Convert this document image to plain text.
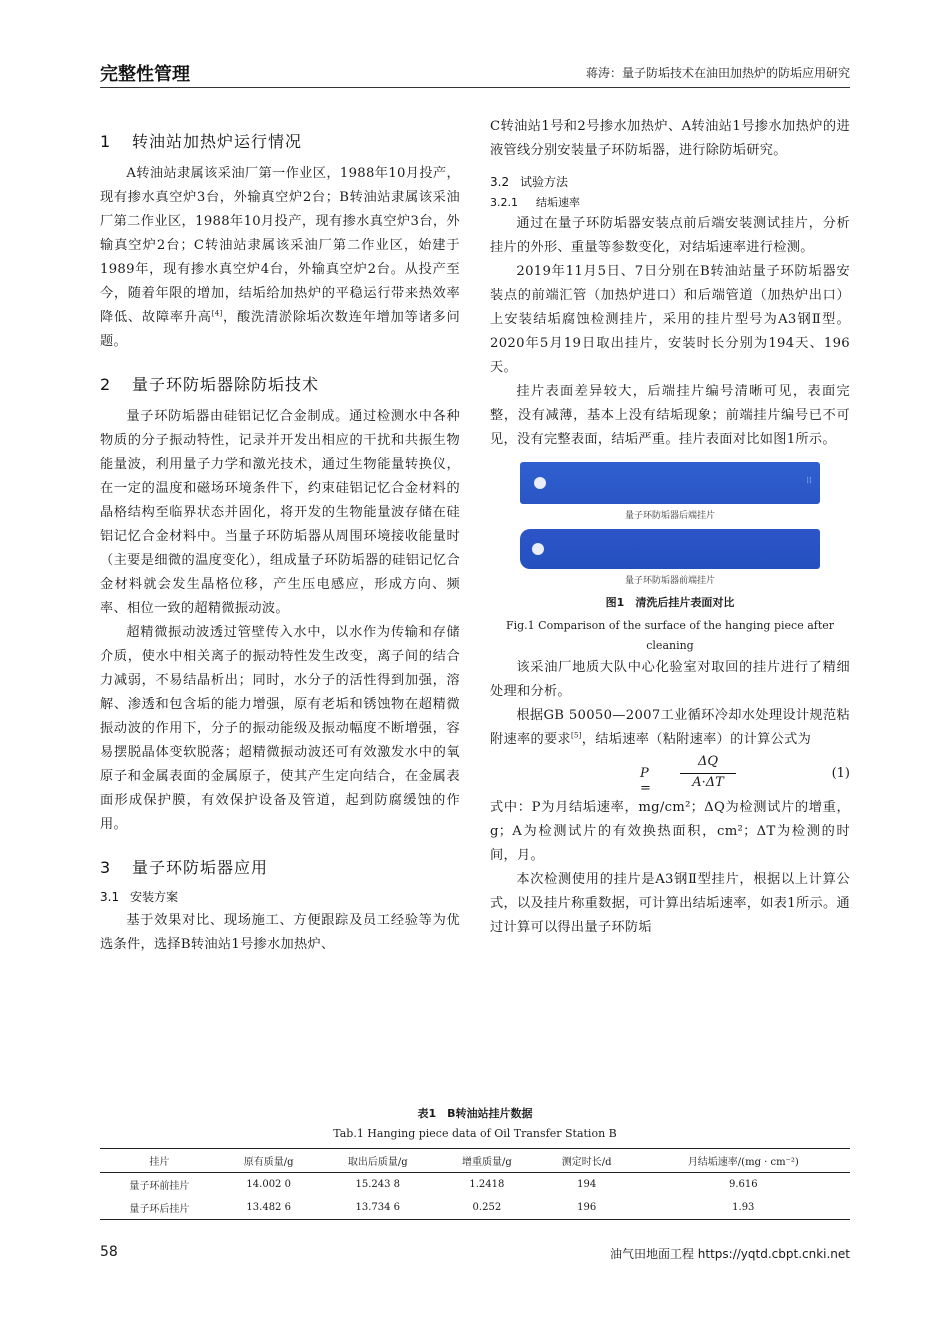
完整性管理	蒋涛：量子防垢技术在油田加热炉的防垢应用研究
1 转油站加热炉运行情况

A转油站隶属该采油厂第一作业区，1988年10月投产，现有掺水真空炉3台，外输真空炉2台；B转油站隶属该采油厂第二作业区，1988年10月投产，现有掺水真空炉3台，外输真空炉2台；C转油站隶属该采油厂第二作业区，始建于1989年，现有掺水真空炉4台，外输真空炉2台。从投产至今，随着年限的增加，结垢给加热炉的平稳运行带来热效率降低、故障率升高[4]，酸洗清淤除垢次数连年增加等诸多问题。

2 量子环防垢器除防垢技术

量子环防垢器由硅铝记忆合金制成。通过检测水中各种物质的分子振动特性，记录并开发出相应的干扰和共振生物能量波，利用量子力学和激光技术，通过生物能量转换仪，在一定的温度和磁场环境条件下，约束硅铝记忆合金材料的晶格结构至临界状态并固化，将开发的生物能量波存储在硅铝记忆合金材料中。当量子环防垢器从周围环境接收能量时（主要是细微的温度变化），组成量子环防垢器的硅铝记忆合金材料就会发生晶格位移，产生压电感应，形成方向、频率、相位一致的超精微振动波。

超精微振动波透过管壁传入水中，以水作为传输和存储介质，使水中相关离子的振动特性发生改变，离子间的结合力减弱，不易结晶析出；同时，水分子的活性得到加强，溶解、渗透和包含垢的能力增强，原有老垢和锈蚀物在超精微振动波的作用下，分子的振动能级及振动幅度不断增强，容易摆脱晶体变软脱落；超精微振动波还可有效激发水中的氧原子和金属表面的金属原子，使其产生定向结合，在金属表面形成保护膜，有效保护设备及管道，起到防腐缓蚀的作用。

3 量子环防垢器应用
3.1 安装方案

基于效果对比、现场施工、方便跟踪及员工经验等为优选条件，选择B转油站1号掺水加热炉、

C转油站1号和2号掺水加热炉、A转油站1号掺水加热炉的进液管线分别安装量子环防垢器，进行除防垢研究。

3.2 试验方法
3.2.1 结垢速率

通过在量子环防垢器安装点前后端安装测试挂片，分析挂片的外形、重量等参数变化，对结垢速率进行检测。

2019年11月5日、7日分别在B转油站量子环防垢器安装点的前端汇管（加热炉进口）和后端管道（加热炉出口）上安装结垢腐蚀检测挂片，采用的挂片型号为A3钢Ⅱ型。2020年5月19日取出挂片，安装时长分别为194天、196天。

挂片表面差异较大，后端挂片编号清晰可见，表面完整，没有减薄，基本上没有结垢现象；前端挂片编号已不可见，没有完整表面，结垢严重。挂片表面对比如图1所示。

⁞⁞
量子环防垢器后端挂片
量子环防垢器前端挂片
图1　清洗后挂片表面对比
Fig.1 Comparison of the surface of the hanging piece after cleaning

该采油厂地质大队中心化验室对取回的挂片进行了精细处理和分析。

根据GB 50050—2007工业循环冷却水处理设计规范粘附速率的要求[5]，结垢速率（粘附速率）的计算公式为

P =
ΔQ
A·ΔT
(1)

式中：P为月结垢速率，mg/cm²；ΔQ为检测试片的增重，g；A为检测试片的有效换热面积，cm²；ΔT为检测的时间，月。

本次检测使用的挂片是A3钢Ⅱ型挂片，根据以上计算公式，以及挂片称重数据，可计算出结垢速率，如表1所示。通过计算可以得出量子环防垢

表1　B转油站挂片数据
Tab.1 Hanging piece data of Oil Transfer Station B
挂片	原有质量/g	取出后质量/g	增重质量/g	测定时长/d	月结垢速率/(mg · cm⁻²)
量子环前挂片	14.002 0	15.243 8	1.2418	194	9.616
量子环后挂片	13.482 6	13.734 6	0.252	196	1.93
58	油气田地面工程 https://yqtd.cbpt.cnki.net
